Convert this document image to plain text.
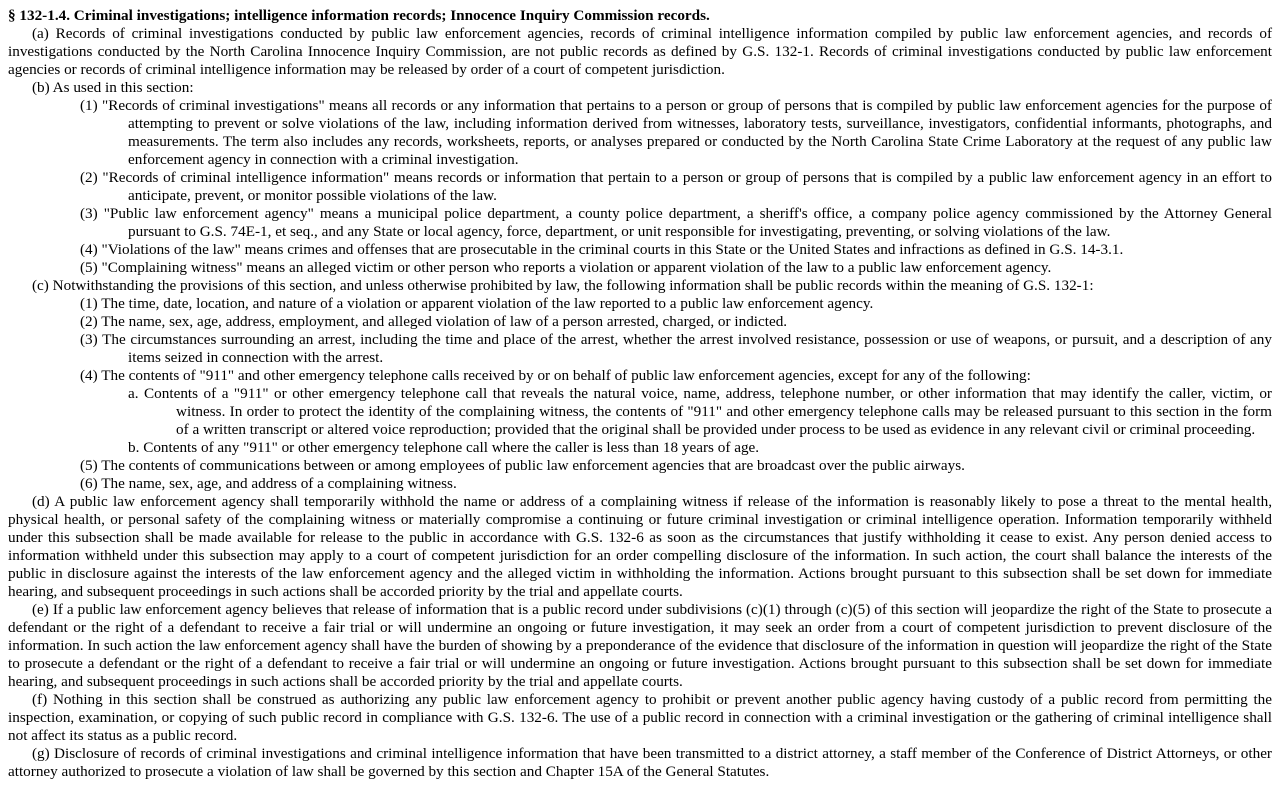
§ 132-1.4. Criminal investigations; intelligence information records; Innocence Inquiry Commission records.

(a) Records of criminal investigations conducted by public law enforcement agencies, records of criminal intelligence information compiled by public law enforcement agencies, and records of investigations conducted by the North Carolina Innocence Inquiry Commission, are not public records as defined by G.S. 132-1. Records of criminal investigations conducted by public law enforcement agencies or records of criminal intelligence information may be released by order of a court of competent jurisdiction.

(b) As used in this section:

(1) "Records of criminal investigations" means all records or any information that pertains to a person or group of persons that is compiled by public law enforcement agencies for the purpose of attempting to prevent or solve violations of the law, including information derived from witnesses, laboratory tests, surveillance, investigators, confidential informants, photographs, and measurements. The term also includes any records, worksheets, reports, or analyses prepared or conducted by the North Carolina State Crime Laboratory at the request of any public law enforcement agency in connection with a criminal investigation.

(2) "Records of criminal intelligence information" means records or information that pertain to a person or group of persons that is compiled by a public law enforcement agency in an effort to anticipate, prevent, or monitor possible violations of the law.

(3) "Public law enforcement agency" means a municipal police department, a county police department, a sheriff's office, a company police agency commissioned by the Attorney General pursuant to G.S. 74E-1, et seq., and any State or local agency, force, department, or unit responsible for investigating, preventing, or solving violations of the law.

(4) "Violations of the law" means crimes and offenses that are prosecutable in the criminal courts in this State or the United States and infractions as defined in G.S. 14-3.1.

(5) "Complaining witness" means an alleged victim or other person who reports a violation or apparent violation of the law to a public law enforcement agency.

(c) Notwithstanding the provisions of this section, and unless otherwise prohibited by law, the following information shall be public records within the meaning of G.S. 132-1:

(1) The time, date, location, and nature of a violation or apparent violation of the law reported to a public law enforcement agency.

(2) The name, sex, age, address, employment, and alleged violation of law of a person arrested, charged, or indicted.

(3) The circumstances surrounding an arrest, including the time and place of the arrest, whether the arrest involved resistance, possession or use of weapons, or pursuit, and a description of any items seized in connection with the arrest.

(4) The contents of "911" and other emergency telephone calls received by or on behalf of public law enforcement agencies, except for any of the following:

a. Contents of a "911" or other emergency telephone call that reveals the natural voice, name, address, telephone number, or other information that may identify the caller, victim, or witness. In order to protect the identity of the complaining witness, the contents of "911" and other emergency telephone calls may be released pursuant to this section in the form of a written transcript or altered voice reproduction; provided that the original shall be provided under process to be used as evidence in any relevant civil or criminal proceeding.

b. Contents of any "911" or other emergency telephone call where the caller is less than 18 years of age.

(5) The contents of communications between or among employees of public law enforcement agencies that are broadcast over the public airways.

(6) The name, sex, age, and address of a complaining witness.

(d) A public law enforcement agency shall temporarily withhold the name or address of a complaining witness if release of the information is reasonably likely to pose a threat to the mental health, physical health, or personal safety of the complaining witness or materially compromise a continuing or future criminal investigation or criminal intelligence operation. Information temporarily withheld under this subsection shall be made available for release to the public in accordance with G.S. 132-6 as soon as the circumstances that justify withholding it cease to exist. Any person denied access to information withheld under this subsection may apply to a court of competent jurisdiction for an order compelling disclosure of the information. In such action, the court shall balance the interests of the public in disclosure against the interests of the law enforcement agency and the alleged victim in withholding the information. Actions brought pursuant to this subsection shall be set down for immediate hearing, and subsequent proceedings in such actions shall be accorded priority by the trial and appellate courts.

(e) If a public law enforcement agency believes that release of information that is a public record under subdivisions (c)(1) through (c)(5) of this section will jeopardize the right of the State to prosecute a defendant or the right of a defendant to receive a fair trial or will undermine an ongoing or future investigation, it may seek an order from a court of competent jurisdiction to prevent disclosure of the information. In such action the law enforcement agency shall have the burden of showing by a preponderance of the evidence that disclosure of the information in question will jeopardize the right of the State to prosecute a defendant or the right of a defendant to receive a fair trial or will undermine an ongoing or future investigation. Actions brought pursuant to this subsection shall be set down for immediate hearing, and subsequent proceedings in such actions shall be accorded priority by the trial and appellate courts.

(f) Nothing in this section shall be construed as authorizing any public law enforcement agency to prohibit or prevent another public agency having custody of a public record from permitting the inspection, examination, or copying of such public record in compliance with G.S. 132-6. The use of a public record in connection with a criminal investigation or the gathering of criminal intelligence shall not affect its status as a public record.

(g) Disclosure of records of criminal investigations and criminal intelligence information that have been transmitted to a district attorney, a staff member of the Conference of District Attorneys, or other attorney authorized to prosecute a violation of law shall be governed by this section and Chapter 15A of the General Statutes.
